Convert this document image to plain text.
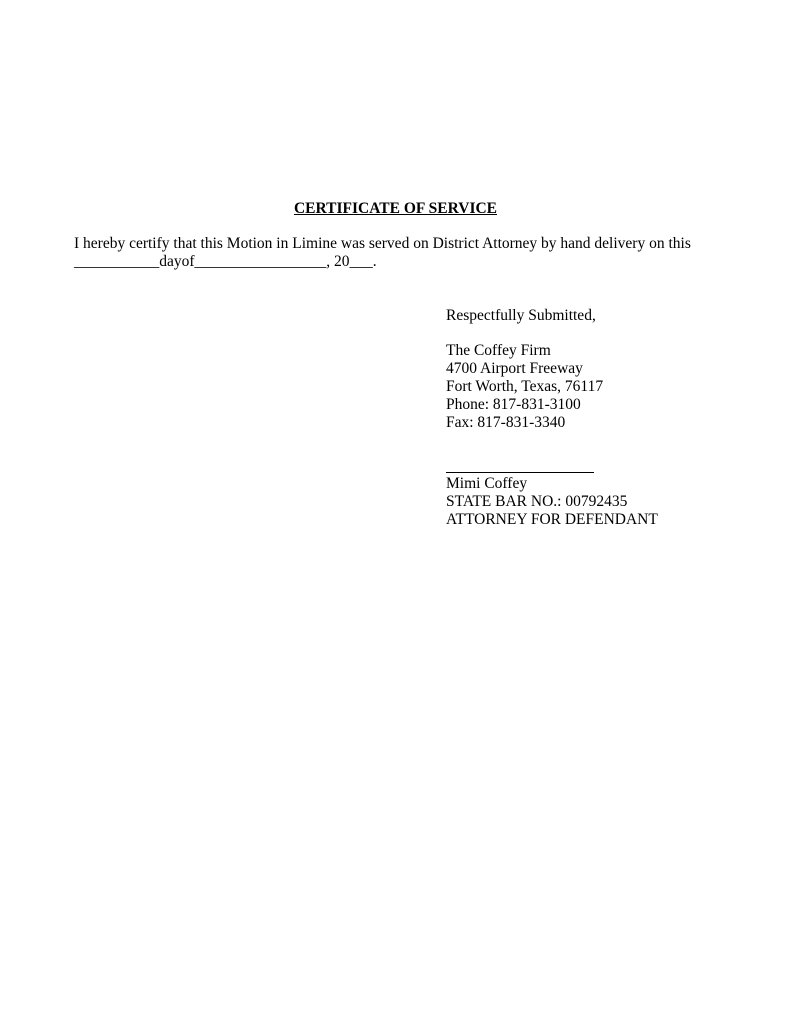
CERTIFICATE OF SERVICE
I hereby certify that this Motion in Limine was served on District Attorney by hand delivery on this
___________dayof_________________, 20___.
Respectfully Submitted,
The Coffey Firm
4700 Airport Freeway
Fort Worth, Texas, 76117
Phone: 817-831-3100
Fax: 817-831-3340
Mimi Coffey
STATE BAR NO.: 00792435
ATTORNEY FOR DEFENDANT
